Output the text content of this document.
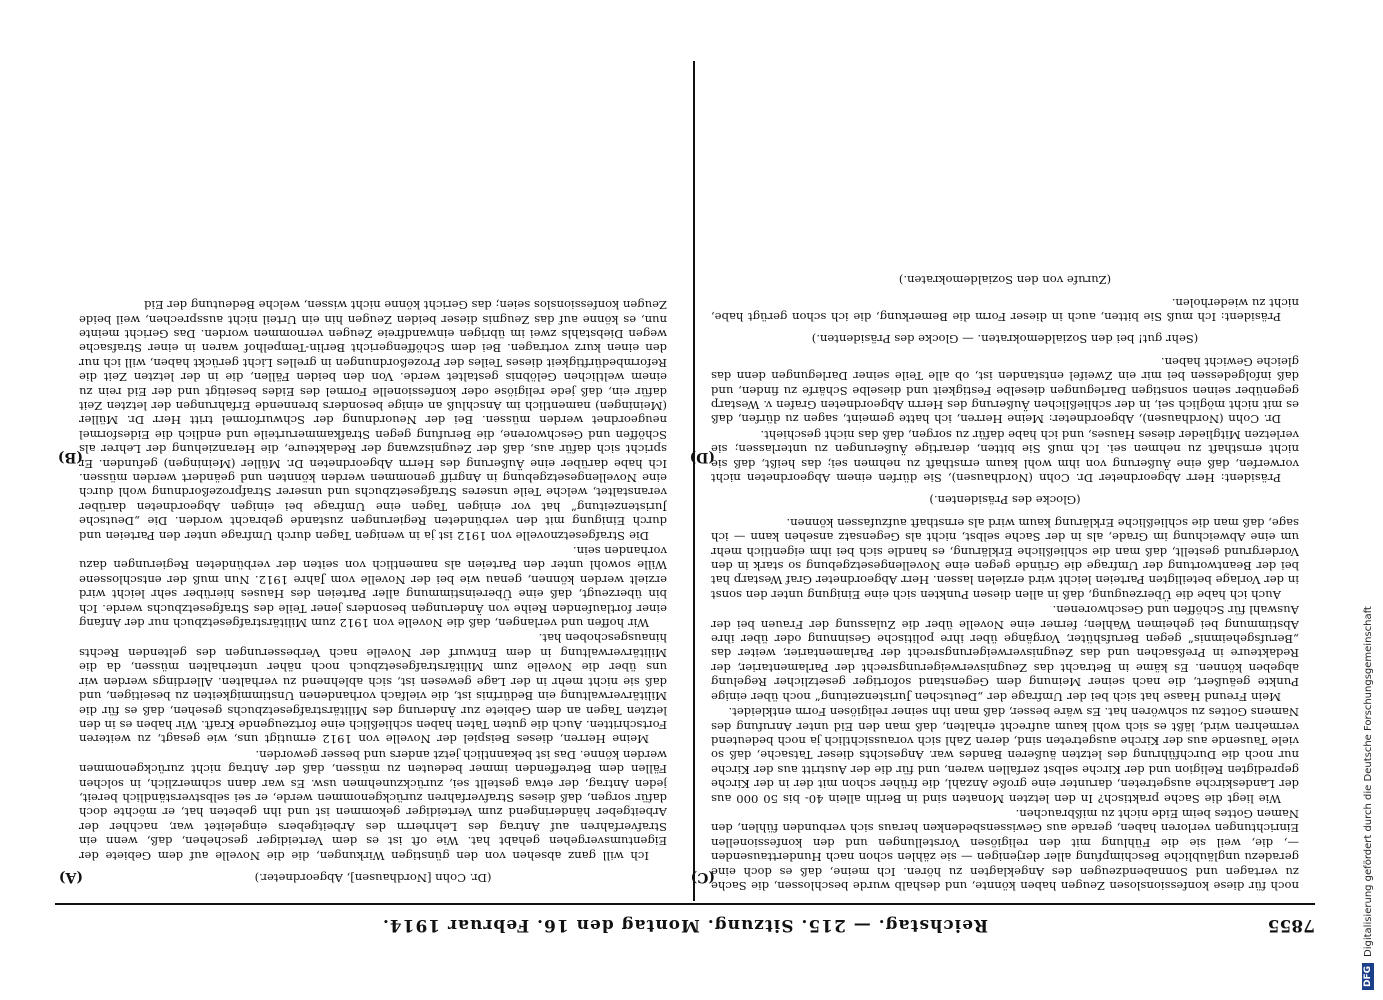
DFG
Digitalisierung gefördert durch die Deutsche Forschungsgemeinschaft
7855
Reichstag. — 215. Sitzung. Montag den 16. Februar 1914.
(C)
(D)
(A)
(B)

noch für diese konfessionslosen Zeugen haben könnte, und deshalb wurde beschlossen, die Sache zu vertagen und Sonnabendzeugen des Angeklagten zu hören. Ich meine, daß es doch eine geradezu ungläubliche Beschimpfung aller derjenigen — sie zählen schon nach Hunderttausenden —, die, weil sie die Fühlung mit den religiösen Vorstellungen und den konfessionellen Einrichtungen verloren haben, gerade aus Gewissensbedenken heraus sich verbunden fühlen, den Namen Gottes beim Eide nicht zu mißbrauchen.

Wie liegt die Sache praktisch? In den letzten Monaten sind in Berlin allein 40- bis 50 000 aus der Landeskirche ausgetreten, darunter eine große Anzahl, die früher schon mit der in der Kirche gepredigten Religion und der Kirche selbst zerfallen waren, und für die der Austritt aus der Kirche nur noch die Durchführung des letzten äußeren Bandes war. Angesichts dieser Tatsache, daß so viele Tausende aus der Kirche ausgetreten sind, deren Zahl sich voraussichtlich ja noch bedeutend vermehren wird, läßt es sich wohl kaum aufrecht erhalten, daß man den Eid unter Anrufung des Namens Gottes zu schwören hat. Es wäre besser, daß man ihn seiner religiösen Form entkleidet.

Mein Freund Haase hat sich bei der Umfrage der „Deutschen Juristenzeitung“ noch über einige Punkte geäußert, die nach seiner Meinung dem Gegenstand sofortiger gesetzlicher Regelung abgeben können. Es käme in Betracht das Zeugnisverweigerungsrecht der Parlamentarier, der Redakteure in Preßsachen und das Zeugnisverweigerungsrecht der Parlamentarier, weiter das „Berufsgeheimnis“ gegen Berufshüter, Vorgänge über ihre politische Gesinnung oder über ihre Abstimmung bei geheimen Wahlen; ferner eine Novelle über die Zulassung der Frauen bei der Auswahl für Schöffen und Geschworenen.

Auch ich habe die Überzeugung, daß in allen diesen Punkten sich eine Einigung unter den sonst in der Vorlage beteiligten Parteien leicht wird erzielen lassen. Herr Abgeordneter Graf Westarp hat bei der Beantwortung der Umfrage die Gründe gegen eine Novellengesetzgebung so stark in den Vordergrund gestellt, daß man die schließliche Erklärung, es handle sich bei ihm eigentlich mehr um eine Abweichung im Grade, als in der Sache selbst, nicht als Gegensatz ansehen kann — ich sage, daß man die schließliche Erklärung kaum wird als ernsthaft aufzufassen können.

(Glocke des Präsidenten.)

Präsident: Herr Abgeordneter Dr. Cohn (Nordhausen), Sie dürfen einem Abgeordneten nicht vorwerfen, daß eine Äußerung von ihm wohl kaum ernsthaft zu nehmen sei; das heißt, daß sie nicht ernsthaft zu nehmen sei. Ich muß Sie bitten, derartige Äußerungen zu unterlassen; sie verletzen Mitglieder dieses Hauses, und ich habe dafür zu sorgen, daß das nicht geschieht.

Dr. Cohn (Nordhausen), Abgeordneter: Meine Herren, ich hatte gemeint, sagen zu dürfen, daß es mit nicht möglich sei, in der schließlichen Äußerung des Herrn Abgeordneten Grafen v. Westarp gegenüber seinen sonstigen Darlegungen dieselbe Festigkeit und dieselbe Schärfe zu finden, und daß infolgedessen bei mir ein Zweifel entstanden ist, ob alle Teile seiner Darlegungen denn das gleiche Gewicht haben.

(Sehr gut! bei den Sozialdemokraten. — Glocke des Präsidenten.)

Präsident: Ich muß Sie bitten, auch in dieser Form die Bemerkung, die ich schon gerügt habe, nicht zu wiederholen.

(Zurufe von den Sozialdemokraten.)

(Dr. Cohn [Nordhausen], Abgeordneter.)

Ich will ganz absehen von den günstigen Wirkungen, die die Novelle auf dem Gebiete der Eigentumsvergehen gehabt hat. Wie oft ist es dem Verteidiger geschehen, daß, wenn ein Strafverfahren auf Antrag des Lehrherrn des Arbeitgebers eingeleitet war, nachher der Arbeitgeber händeringend zum Verteidiger gekommen ist und ihn gebeten hat, er möchte doch dafür sorgen, daß dieses Strafverfahren zurückgenommen werde, er sei selbstverständlich bereit, jeden Antrag, der etwa gestellt sei, zurückzunehmen usw. Es war dann schmerzlich, in solchen Fällen dem Betreffenden immer bedeuten zu müssen, daß der Antrag nicht zurückgenommen werden könne. Das ist bekanntlich jetzt anders und besser geworden.

Meine Herren, dieses Beispiel der Novelle von 1912 ermutigt uns, wie gesagt, zu weiteren Fortschritten. Auch die guten Taten haben schließlich eine fortzeugende Kraft. Wir haben es in den letzten Tagen an dem Gebiete zur Änderung des Militärstrafgesetzbuchs gesehen, daß es für die Militärverwaltung ein Bedürfnis ist, die vielfach vorhandenen Unstimmigkeiten zu beseitigen, und daß sie nicht mehr in der Lage gewesen ist, sich ablehnend zu verhalten. Allerdings werden wir uns über die Novelle zum Militärstrafgesetzbuch noch näher unterhalten müssen, da die Militärverwaltung in dem Entwurf der Novelle nach Verbesserungen des geltenden Rechts hinausgeschoben hat.

Wir hoffen und verlangen, daß die Novelle von 1912 zum Militärstrafgesetzbuch nur der Anfang einer fortlaufenden Reihe von Änderungen besonders jener Teile des Strafgesetzbuchs werde. Ich bin überzeugt, daß eine Übereinstimmung aller Parteien des Hauses hierüber sehr leicht wird erzielt werden können, genau wie bei der Novelle vom Jahre 1912. Nun muß der entschlossene Wille sowohl unter den Parteien als namentlich von seiten der verbündeten Regierungen dazu vorhanden sein.

Die Strafgesetznovelle von 1912 ist ja in wenigen Tagen durch Umfrage unter den Parteien und durch Einigung mit den verbündeten Regierungen zustande gebracht worden. Die „Deutsche Juristenzeitung“ hat vor einigen Tagen eine Umfrage bei einigen Abgeordneten darüber veranstaltet, welche Teile unseres Strafgesetzbuchs und unserer Strafprozeßordnung wohl durch eine Novellengesetzgebung in Angriff genommen werden könnten und geändert werden müssen. Ich habe darüber eine Äußerung des Herrn Abgeordneten Dr. Müller (Meiningen) gefunden. Er spricht sich dafür aus, daß der Zeugniszwang der Redakteure, die Heranziehung der Lehrer als Schöffen und Geschworene, die Berufung gegen Strafkammerurteile und endlich die Eidesformel neugeordnet werden müssen. Bei der Neuordnung der Schwurformel tritt Herr Dr. Müller (Meiningen) namentlich im Anschluß an einige besonders brennende Erfahrungen der letzten Zeit dafür ein, daß jede religiöse oder konfessionelle Formel des Eides beseitigt und der Eid rein zu einem weltlichen Gelöbnis gestaltet werde. Von den beiden Fällen, die in der letzten Zeit die Reformbedürftigkeit dieses Teiles der Prozeßordnungen in grelles Licht gerückt haben, will ich nur den einen kurz vortragen. Bei dem Schöffengericht Berlin-Tempelhof waren in einer Strafsache wegen Diebstahls zwei im übrigen einwandfreie Zeugen vernommen worden. Das Gericht meinte nun, es könne auf das Zeugnis dieser beiden Zeugen hin ein Urteil nicht aussprechen, weil beide Zeugen konfessionslos seien; das Gericht könne nicht wissen, welche Bedeutung der Eid
